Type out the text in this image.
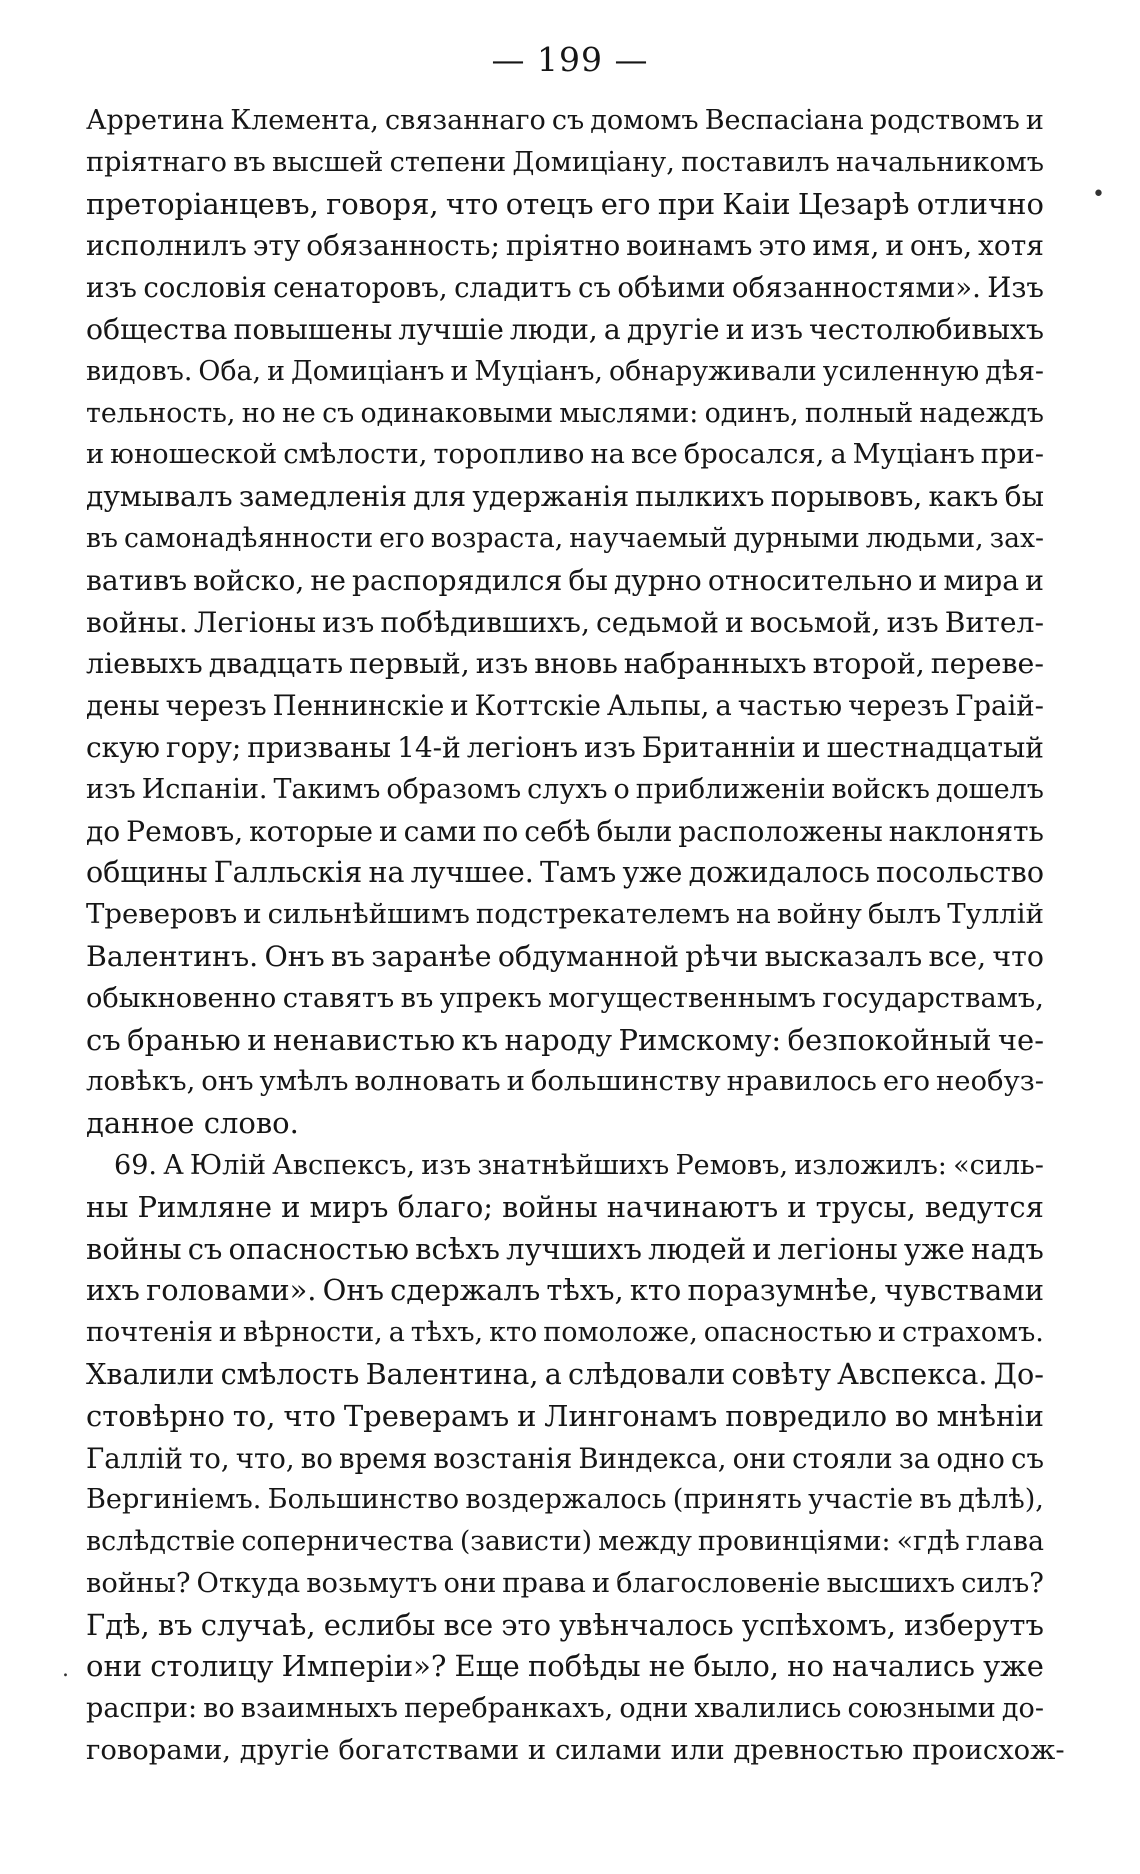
— 199 —
•
.
Арретина Клемента, связаннаго съ домомъ Веспасіана родствомъ и
пріятнаго въ высшей степени Домиціану, поставилъ начальникомъ
преторіанцевъ, говоря, что отецъ его при Каіи Цезарѣ отлично
исполнилъ эту обязанность; пріятно воинамъ это имя, и онъ, хотя
изъ сословія сенаторовъ, сладитъ съ обѣими обязанностями». Изъ
общества повышены лучшіе люди, а другіе и изъ честолюбивыхъ
видовъ. Оба, и Домиціанъ и Муціанъ, обнаруживали усиленную дѣя-
тельность, но не съ одинаковыми мыслями: одинъ, полный надеждъ
и юношеской смѣлости, торопливо на все бросался, а Муціанъ при-
думывалъ замедленія для удержанія пылкихъ порывовъ, какъ бы
въ самонадѣянности его возраста, научаемый дурными людьми, зах-
вативъ войско, не распорядился бы дурно относительно и мира и
войны. Легіоны изъ побѣдившихъ, седьмой и восьмой, изъ Вител-
ліевыхъ двадцать первый, изъ вновь набранныхъ второй, переве-
дены черезъ Пеннинскіе и Коттскіе Альпы, а частью черезъ Граій-
скую гору; призваны 14-й легіонъ изъ Британніи и шестнадцатый
изъ Испаніи. Такимъ образомъ слухъ о приближеніи войскъ дошелъ
до Ремовъ, которые и сами по себѣ были расположены наклонять
общины Галльскія на лучшее. Тамъ уже дожидалось посольство
Треверовъ и сильнѣйшимъ подстрекателемъ на войну былъ Туллій
Валентинъ. Онъ въ заранѣе обдуманной рѣчи высказалъ все, что
обыкновенно ставятъ въ упрекъ могущественнымъ государствамъ,
съ бранью и ненавистью къ народу Римскому: безпокойный че-
ловѣкъ, онъ умѣлъ волновать и большинству нравилось его необуз-
данное слово.
69. А Юлій Авспексъ, изъ знатнѣйшихъ Ремовъ, изложилъ: «силь-
ны Римляне и миръ благо; войны начинаютъ и трусы, ведутся
войны съ опасностью всѣхъ лучшихъ людей и легіоны уже надъ
ихъ головами». Онъ сдержалъ тѣхъ, кто поразумнѣе, чувствами
почтенія и вѣрности, а тѣхъ, кто помоложе, опасностью и страхомъ.
Хвалили смѣлость Валентина, а слѣдовали совѣту Авспекса. До-
стовѣрно то, что Треверамъ и Лингонамъ повредило во мнѣніи
Галлій то, что, во время возстанія Виндекса, они стояли за одно съ
Вергиніемъ. Большинство воздержалось (принять участіе въ дѣлѣ),
вслѣдствіе соперничества (зависти) между провинціями: «гдѣ глава
войны? Откуда возьмутъ они права и благословеніе высшихъ силъ?
Гдѣ, въ случаѣ, еслибы все это увѣнчалось успѣхомъ, изберутъ
они столицу Имперіи»? Еще побѣды не было, но начались уже
распри: во взаимныхъ перебранкахъ, одни хвалились союзными до-
говорами, другіе богатствами и силами или древностью происхож-
